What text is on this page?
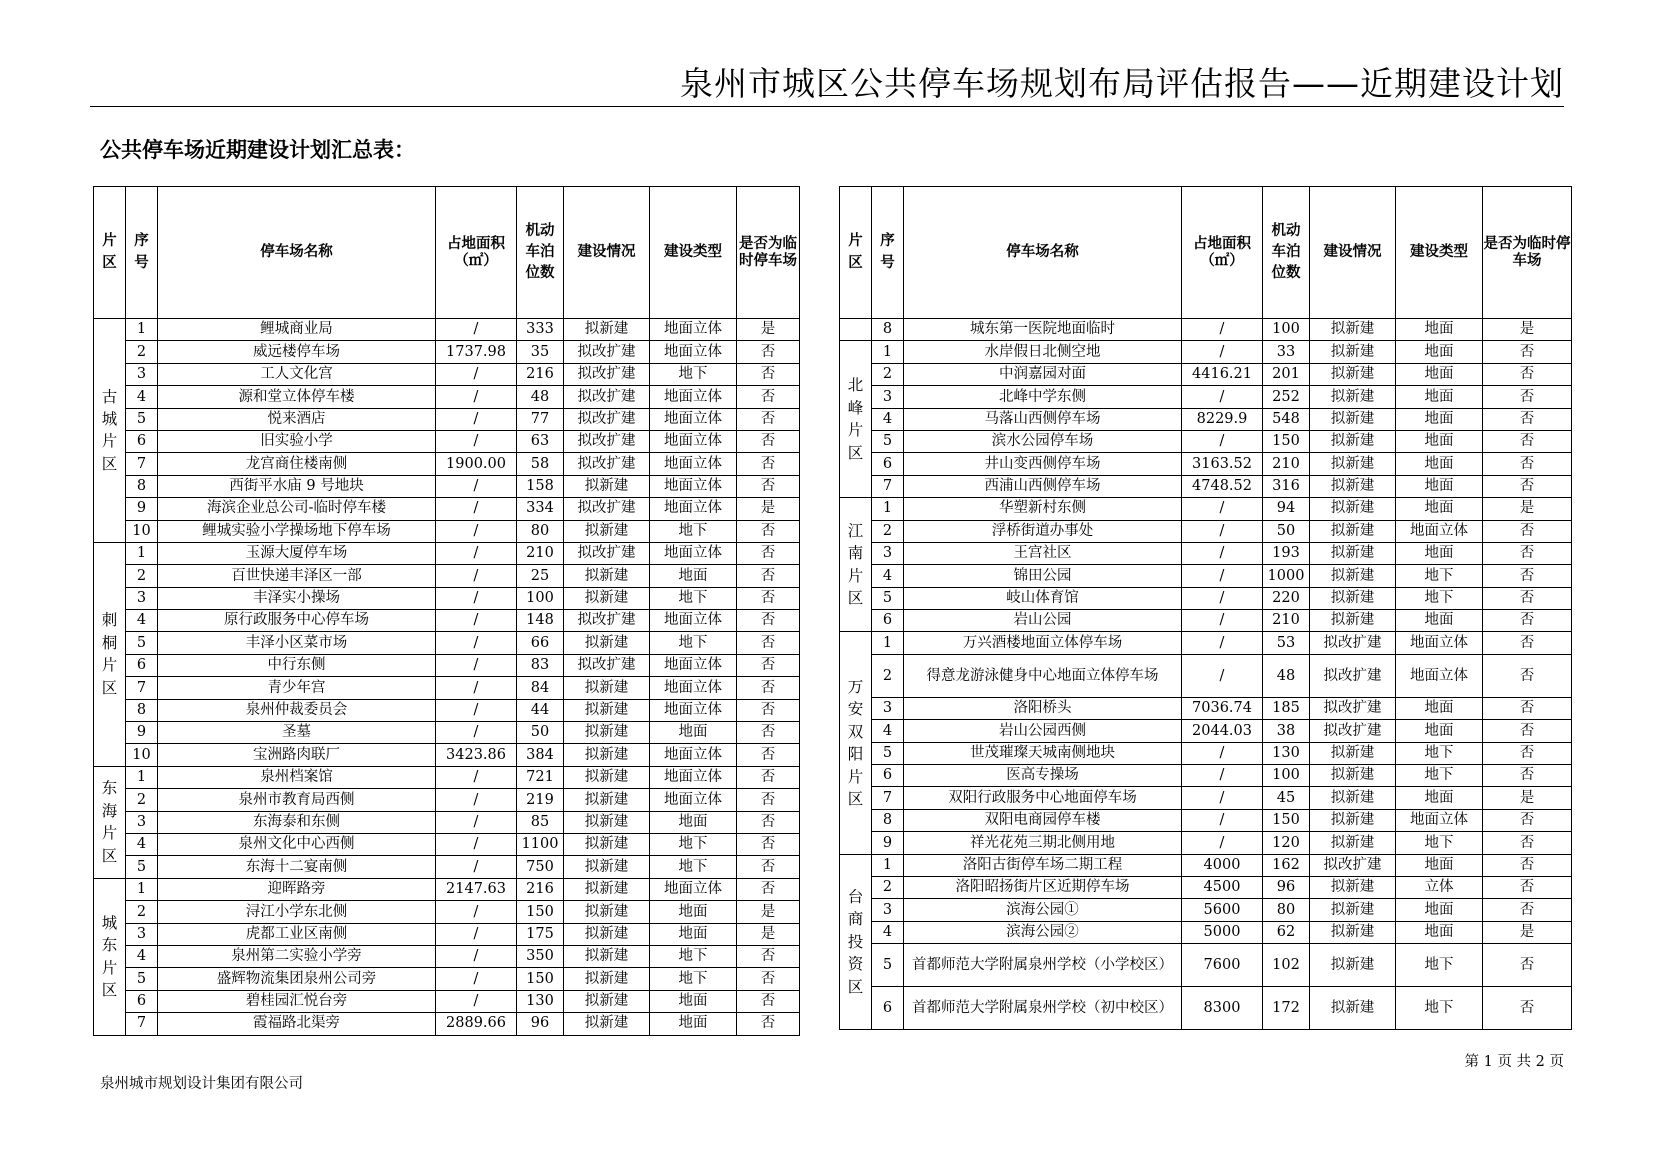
泉州市城区公共停车场规划布局评估报告——近期建设计划
公共停车场近期建设计划汇总表：
片区	序号	停车场名称	占地面积（㎡）	机动车泊位数	建设情况	建设类型	是否为临时停车场
古城片区	1	鲤城商业局	/	333	拟新建	地面立体	是
	2	威远楼停车场	1737.98	35	拟改扩建	地面立体	否
	3	工人文化宫	/	216	拟改扩建	地下	否
	4	源和堂立体停车楼	/	48	拟改扩建	地面立体	否
	5	悦来酒店	/	77	拟改扩建	地面立体	否
	6	旧实验小学	/	63	拟改扩建	地面立体	否
	7	龙宫商住楼南侧	1900.00	58	拟改扩建	地面立体	否
	8	西街平水庙 9 号地块	/	158	拟新建	地面立体	否
	9	海滨企业总公司-临时停车楼	/	334	拟改扩建	地面立体	是
	10	鲤城实验小学操场地下停车场	/	80	拟新建	地下	否
刺桐片区	1	玉源大厦停车场	/	210	拟改扩建	地面立体	否
	2	百世快递丰泽区一部	/	25	拟新建	地面	否
	3	丰泽实小操场	/	100	拟新建	地下	否
	4	原行政服务中心停车场	/	148	拟改扩建	地面立体	否
	5	丰泽小区菜市场	/	66	拟新建	地下	否
	6	中行东侧	/	83	拟改扩建	地面立体	否
	7	青少年宫	/	84	拟新建	地面立体	否
	8	泉州仲裁委员会	/	44	拟新建	地面立体	否
	9	圣墓	/	50	拟新建	地面	否
	10	宝洲路肉联厂	3423.86	384	拟新建	地面立体	否
东海片区	1	泉州档案馆	/	721	拟新建	地面立体	否
	2	泉州市教育局西侧	/	219	拟新建	地面立体	否
	3	东海泰和东侧	/	85	拟新建	地面	否
	4	泉州文化中心西侧	/	1100	拟新建	地下	否
	5	东海十二宴南侧	/	750	拟新建	地下	否
城东片区	1	迎晖路旁	2147.63	216	拟新建	地面立体	否
	2	浔江小学东北侧	/	150	拟新建	地面	是
	3	虎都工业区南侧	/	175	拟新建	地面	是
	4	泉州第二实验小学旁	/	350	拟新建	地下	否
	5	盛辉物流集团泉州公司旁	/	150	拟新建	地下	否
	6	碧桂园汇悦台旁	/	130	拟新建	地面	否
	7	霞福路北渠旁	2889.66	96	拟新建	地面	否
片区	序号	停车场名称	占地面积（㎡）	机动车泊位数	建设情况	建设类型	是否为临时停车场
	8	城东第一医院地面临时	/	100	拟新建	地面	是
北峰片区	1	水岸假日北侧空地	/	33	拟新建	地面	否
	2	中润嘉园对面	4416.21	201	拟新建	地面	否
	3	北峰中学东侧	/	252	拟新建	地面	否
	4	马落山西侧停车场	8229.9	548	拟新建	地面	否
	5	滨水公园停车场	/	150	拟新建	地面	否
	6	井山变西侧停车场	3163.52	210	拟新建	地面	否
	7	西浦山西侧停车场	4748.52	316	拟新建	地面	否
江南片区	1	华塑新村东侧	/	94	拟新建	地面	是
	2	浮桥街道办事处	/	50	拟新建	地面立体	否
	3	王宫社区	/	193	拟新建	地面	否
	4	锦田公园	/	1000	拟新建	地下	否
	5	岐山体育馆	/	220	拟新建	地下	否
	6	岩山公园	/	210	拟新建	地面	否
万安双阳片区	1	万兴酒楼地面立体停车场	/	53	拟改扩建	地面立体	否
	2	得意龙游泳健身中心地面立体停车场	/	48	拟改扩建	地面立体	否
	3	洛阳桥头	7036.74	185	拟改扩建	地面	否
	4	岩山公园西侧	2044.03	38	拟改扩建	地面	否
	5	世茂璀璨天城南侧地块	/	130	拟新建	地下	否
	6	医高专操场	/	100	拟新建	地下	否
	7	双阳行政服务中心地面停车场	/	45	拟新建	地面	是
	8	双阳电商园停车楼	/	150	拟新建	地面立体	否
	9	祥光花苑三期北侧用地	/	120	拟新建	地下	否
台商投资区	1	洛阳古街停车场二期工程	4000	162	拟改扩建	地面	否
	2	洛阳昭扬街片区近期停车场	4500	96	拟新建	立体	否
	3	滨海公园①	5600	80	拟新建	地面	否
	4	滨海公园②	5000	62	拟新建	地面	是
	5	首都师范大学附属泉州学校（小学校区）	7600	102	拟新建	地下	否
	6	首都师范大学附属泉州学校（初中校区）	8300	172	拟新建	地下	否
第 1 页 共 2 页
泉州城市规划设计集团有限公司
